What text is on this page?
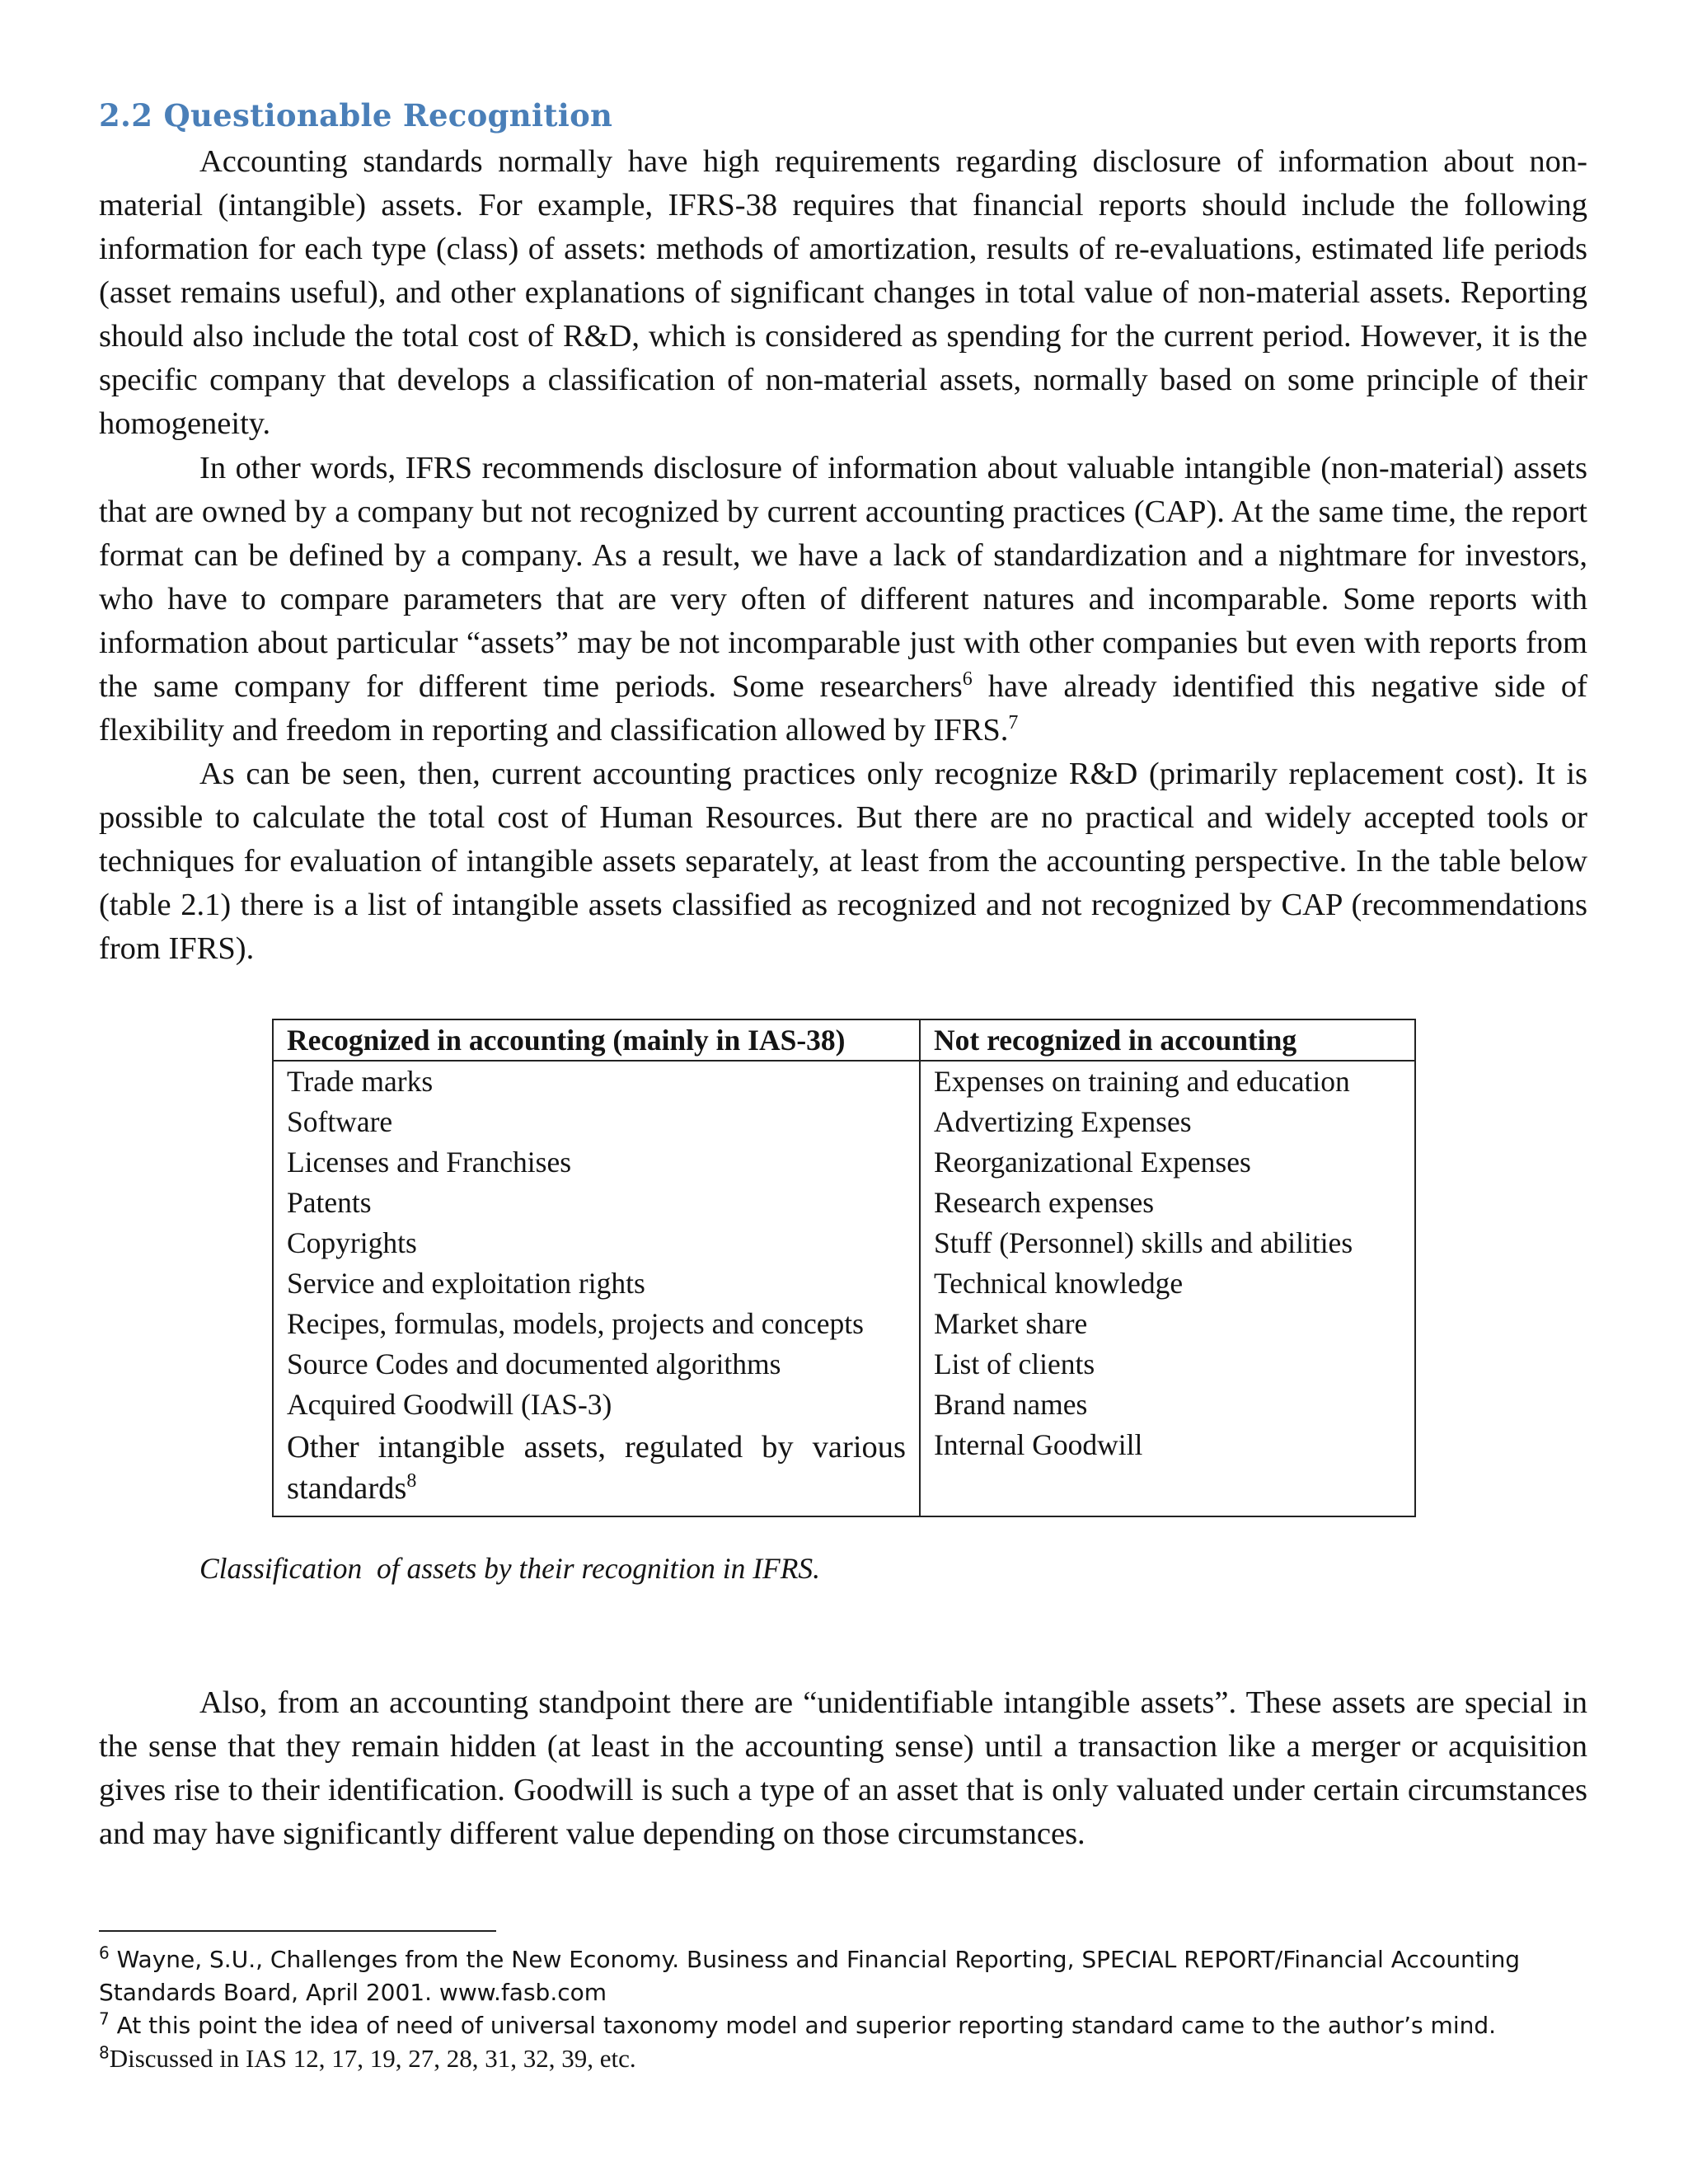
2.2 Questionable Recognition

Accounting standards normally have high requirements regarding disclosure of information about non-material (intangible) assets. For example, IFRS-38 requires that financial reports should include the following information for each type (class) of assets: methods of amortization, results of re-evaluations, estimated life periods (asset remains useful), and other explanations of significant changes in total value of non-material assets. Reporting should also include the total cost of R&D, which is considered as spending for the current period. However, it is the specific company that develops a classification of non-material assets, normally based on some principle of their homogeneity.

In other words, IFRS recommends disclosure of information about valuable intangible (non-material) assets that are owned by a company but not recognized by current accounting practices (CAP). At the same time, the report format can be defined by a company. As a result, we have a lack of standardization and a nightmare for investors, who have to compare parameters that are very often of different natures and incomparable. Some reports with information about particular “assets” may be not incomparable just with other companies but even with reports from the same company for different time periods. Some researchers$^6$ have already identified this negative side of flexibility and freedom in reporting and classification allowed by IFRS.$^7$

As can be seen, then, current accounting practices only recognize R&D (primarily replacement cost). It is possible to calculate the total cost of Human Resources. But there are no practical and widely accepted tools or techniques for evaluation of intangible assets separately, at least from the accounting perspective. In the table below (table 2.1) there is a list of intangible assets classified as recognized and not recognized by CAP (recommendations from IFRS).

Recognized in accounting (mainly in IAS-38)	Not recognized in accounting
Trade marks	Expenses on training and education
Software	Advertizing Expenses
Licenses and Franchises	Reorganizational Expenses
Patents	Research expenses
Copyrights	Stuff (Personnel) skills and abilities
Service and exploitation rights	Technical knowledge
Recipes, formulas, models, projects and concepts	Market share
Source Codes and documented algorithms	List of clients
Acquired Goodwill (IAS-3)	Brand names
Other intangible assets, regulated by various standards$^8$	Internal Goodwill

Classification  of assets by their recognition in IFRS.

Also, from an accounting standpoint there are “unidentifiable intangible assets”. These assets are special in the sense that they remain hidden (at least in the accounting sense) until a transaction like a merger or acquisition gives rise to their identification. Goodwill is such a type of an asset that is only valuated under certain circumstances and may have significantly different value depending on those circumstances.

$^6$ Wayne, S.U., Challenges from the New Economy. Business and Financial Reporting, SPECIAL REPORT/Financial Accounting Standards Board, April 2001. www.fasb.com

$^7$ At this point the idea of need of universal taxonomy model and superior reporting standard came to the author’s mind.

$^8$Discussed in IAS 12, 17, 19, 27, 28, 31, 32, 39, etc.
